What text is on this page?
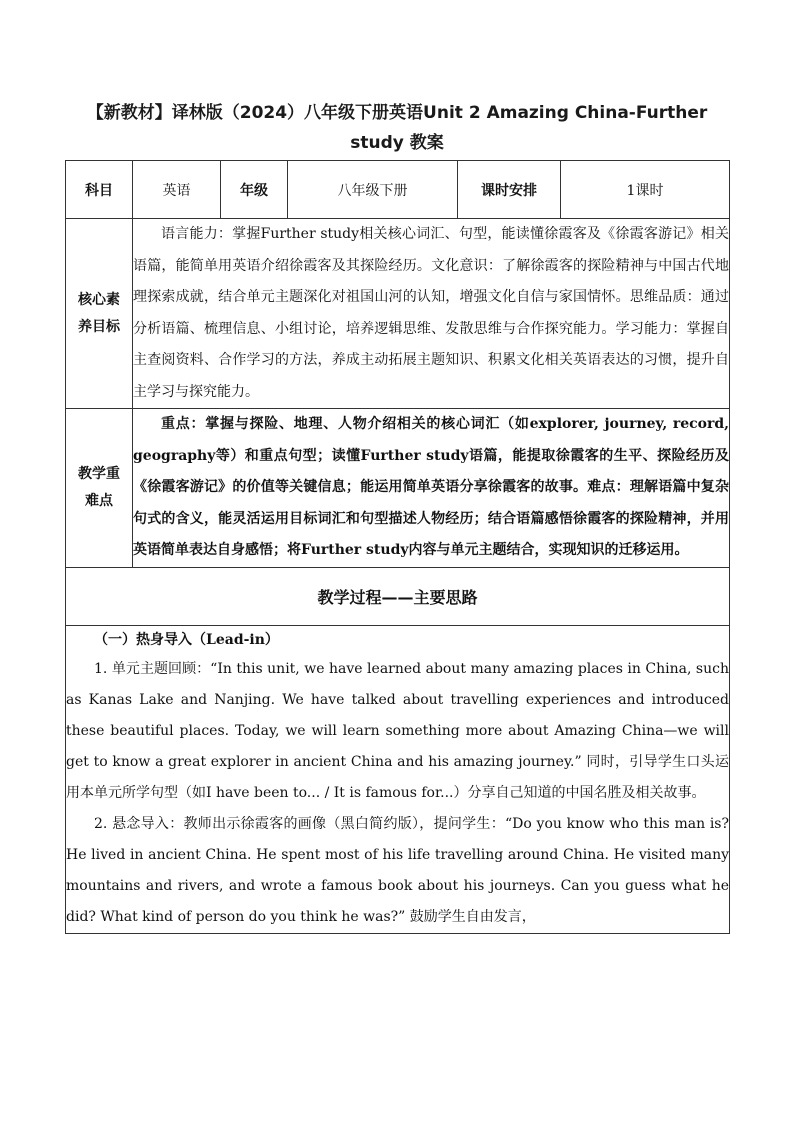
【新教材】译林版（2024）八年级下册英语Unit 2 Amazing China-Further
study 教案
科目	英语	年级	八年级下册	课时安排	1课时
核心素
养目标	语言能力：掌握Further study相关核心词汇、句型，能读懂徐霞客及《徐霞客游记》相关语篇，能简单用英语介绍徐霞客及其探险经历。文化意识：了解徐霞客的探险精神与中国古代地理探索成就，结合单元主题深化对祖国山河的认知，增强文化自信与家国情怀。思维品质：通过分析语篇、梳理信息、小组讨论，培养逻辑思维、发散思维与合作探究能力。学习能力：掌握自主查阅资料、合作学习的方法，养成主动拓展主题知识、积累文化相关英语表达的习惯，提升自主学习与探究能力。				
教学重
难点	重点：掌握与探险、地理、人物介绍相关的核心词汇（如explorer, journey, record, geography等）和重点句型；读懂Further study语篇，能提取徐霞客的生平、探险经历及《徐霞客游记》的价值等关键信息；能运用简单英语分享徐霞客的故事。难点：理解语篇中复杂句式的含义，能灵活运用目标词汇和句型描述人物经历；结合语篇感悟徐霞客的探险精神，并用英语简单表达自身感悟；将Further study内容与单元主题结合，实现知识的迁移运用。				
教学过程——主要思路					

（一）热身导入（Lead-in）

1. 单元主题回顾：“In this unit, we have learned about many amazing places in China, such as Kanas Lake and Nanjing. We have talked about travelling experiences and introduced these beautiful places. Today, we will learn something more about Amazing China—we will get to know a great explorer in ancient China and his amazing journey.” 同时，引导学生口头运用本单元所学句型（如I have been to... / It is famous for...）分享自己知道的中国名胜及相关故事。

2. 悬念导入：教师出示徐霞客的画像（黑白简约版），提问学生：“Do you know who this man is? He lived in ancient China. He spent most of his life travelling around China. He visited many mountains and rivers, and wrote a famous book about his journeys. Can you guess what he did? What kind of person do you think he was?” 鼓励学生自由发言，					
